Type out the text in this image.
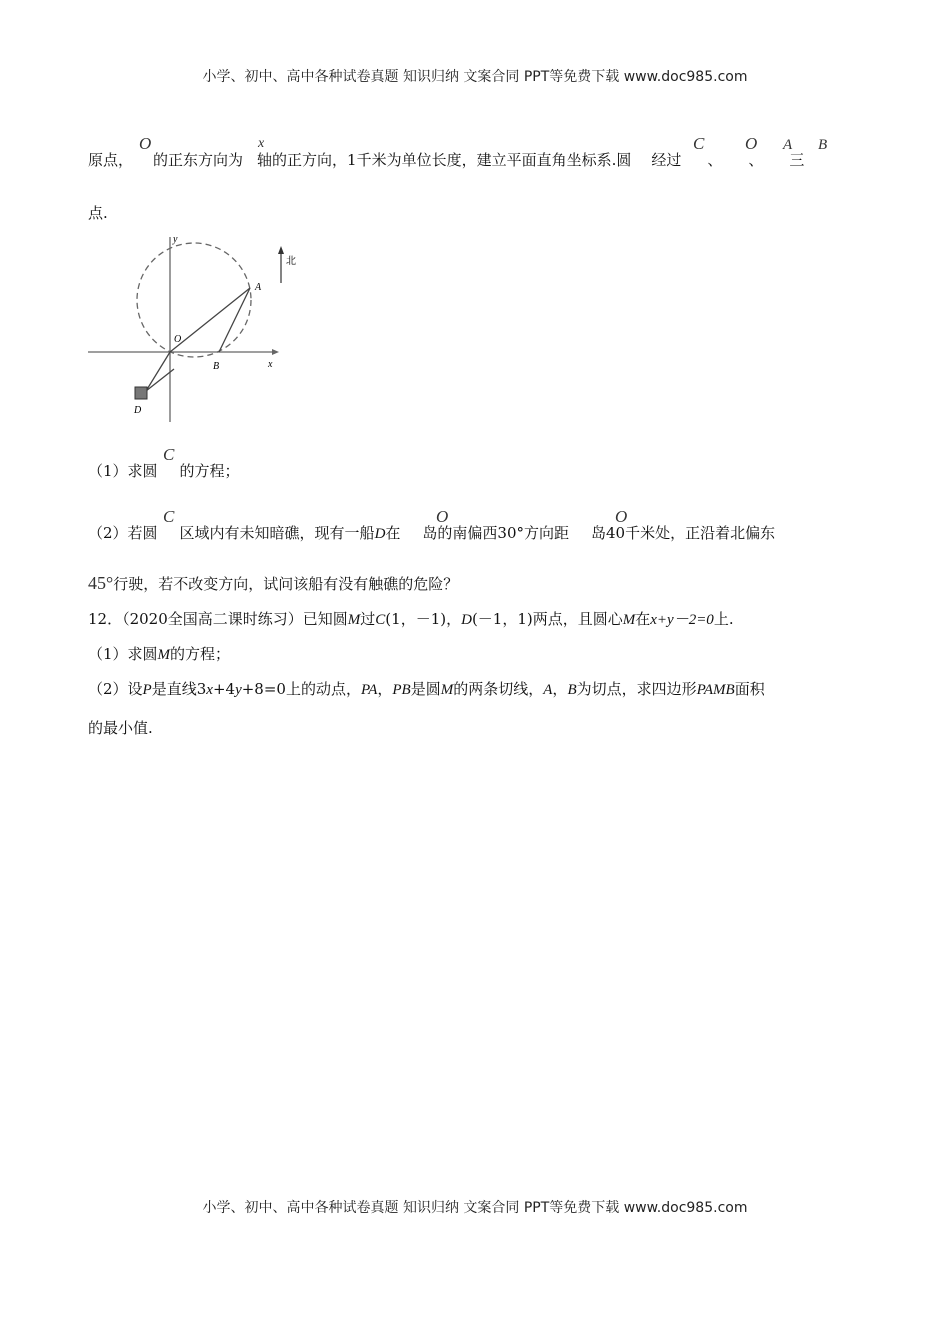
小学、初中、高中各种试卷真题 知识归纳 文案合同 PPT等免费下载 www.doc985.com
原点， 的正东方向为 轴的正方向，1千米为单位长度，建立平面直角坐标系.圆 经过 、 、 三
O	x	C O A B
点.
y
北
A
O
B	x
D
（1）求圆 的方程；
C
（2）若圆 区域内有未知暗礁，现有一船D在 岛的南偏西30°方向距 岛40千米处，正沿着北偏东
C	O	O
45°行驶，若不改变方向，试问该船有没有触礁的危险？
12．（2020全国高二课时练习）已知圆M过C(1，－1)，D(－1，1)两点，且圆心M在x+y－2=0上.
（1）求圆M的方程；
（2）设P是直线3x+4y+8=0上的动点，PA，PB是圆M的两条切线，A，B为切点，求四边形PAMB面积
的最小值.
小学、初中、高中各种试卷真题 知识归纳 文案合同 PPT等免费下载 www.doc985.com
